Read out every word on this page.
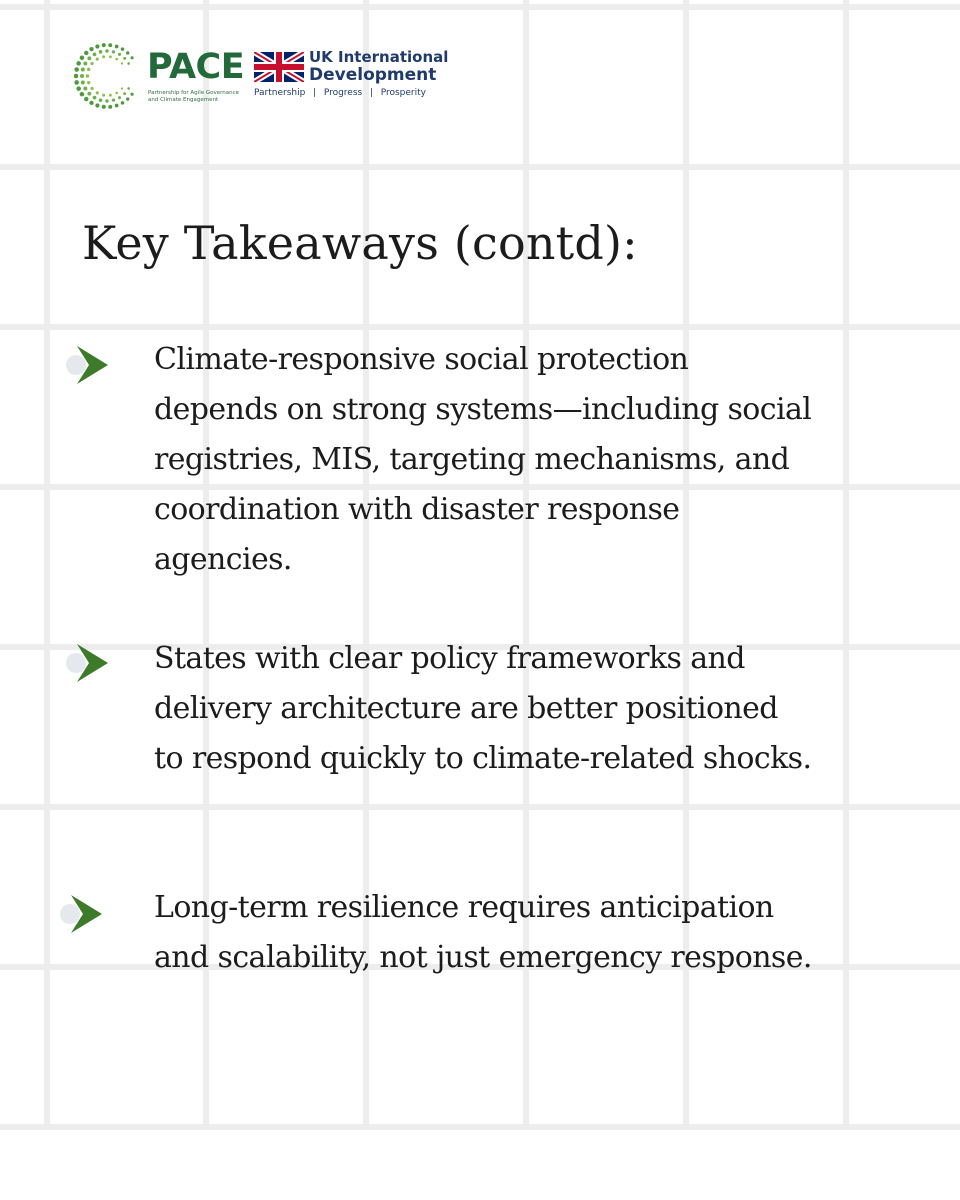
PACE
Partnership for Agile Governance and Climate Engagement
UK International
Development
Partnership | Progress | Prosperity
Key Takeaways (contd):
Climate-responsive social protection depends on strong systems—including social registries, MIS, targeting mechanisms, and coordination with disaster response agencies.
States with clear policy frameworks and delivery architecture are better positioned to respond quickly to climate-related shocks.
Long-term resilience requires anticipation and scalability, not just emergency response.
